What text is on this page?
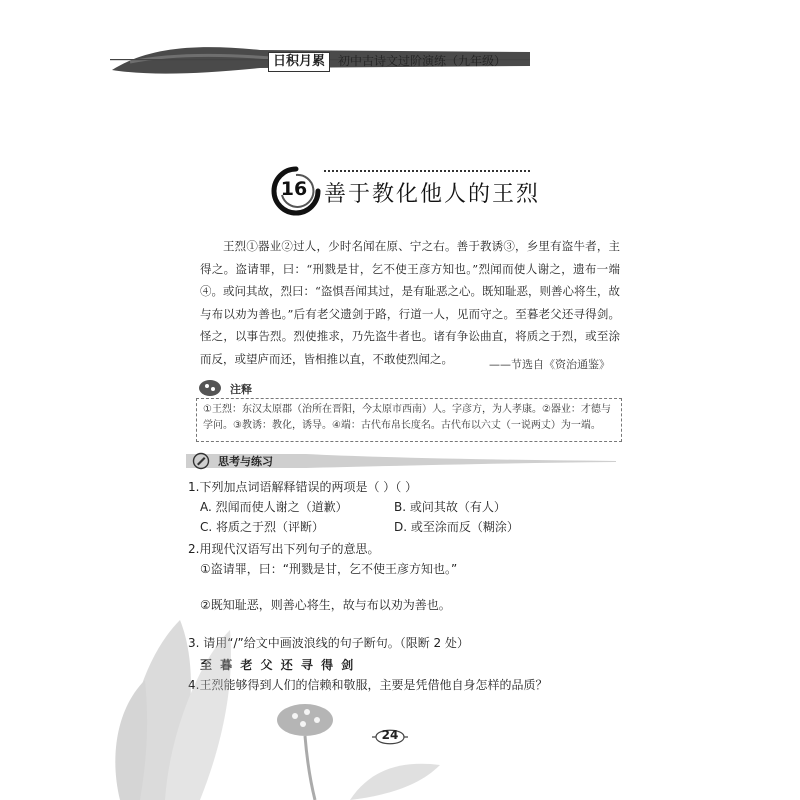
日积月累	初中古诗文过阶演练（九年级）
16 善于教化他人的王烈

王烈①器业②过人，少时名闻在原、宁之右。善于教诱③，乡里有盗牛者，主得之。盗请罪，曰：“刑戮是甘，乞不使王彦方知也。”烈闻而使人谢之，遗布一端④。或问其故，烈曰：“盗惧吾闻其过，是有耻恶之心。既知耻恶，则善心将生，故与布以劝为善也。”后有老父遗剑于路，行道一人，见而守之。至暮老父还寻得剑。怪之，以事告烈。烈使推求，乃先盗牛者也。诸有争讼曲直，将质之于烈，或至涂而反，或望庐而还，皆相推以直，不敢使烈闻之。	——节选自《资治通鉴》
注释
①王烈：东汉太原郡（治所在晋阳，今太原市西南）人。字彦方，为人孝康。②器业：才德与学问。③教诱：教化，诱导。④端：古代布帛长度名。古代布以六丈（一说两丈）为一端。
思考与练习
1.下列加点词语解释错误的两项是（ ）（ ）
A. 烈闻而使人谢之（道歉）	B. 或问其故（有人）
C. 将质之于烈（评断）	D. 或至涂而反（糊涂）
2.用现代汉语写出下列句子的意思。
①盗请罪，曰：“刑戮是甘，乞不使王彦方知也。”
②既知耻恶，则善心将生，故与布以劝为善也。
3. 请用“/”给文中画波浪线的句子断句。（限断 2 处）
至 暮 老 父 还 寻 得 剑
4.王烈能够得到人们的信赖和敬服，主要是凭借他自身怎样的品质？
24
